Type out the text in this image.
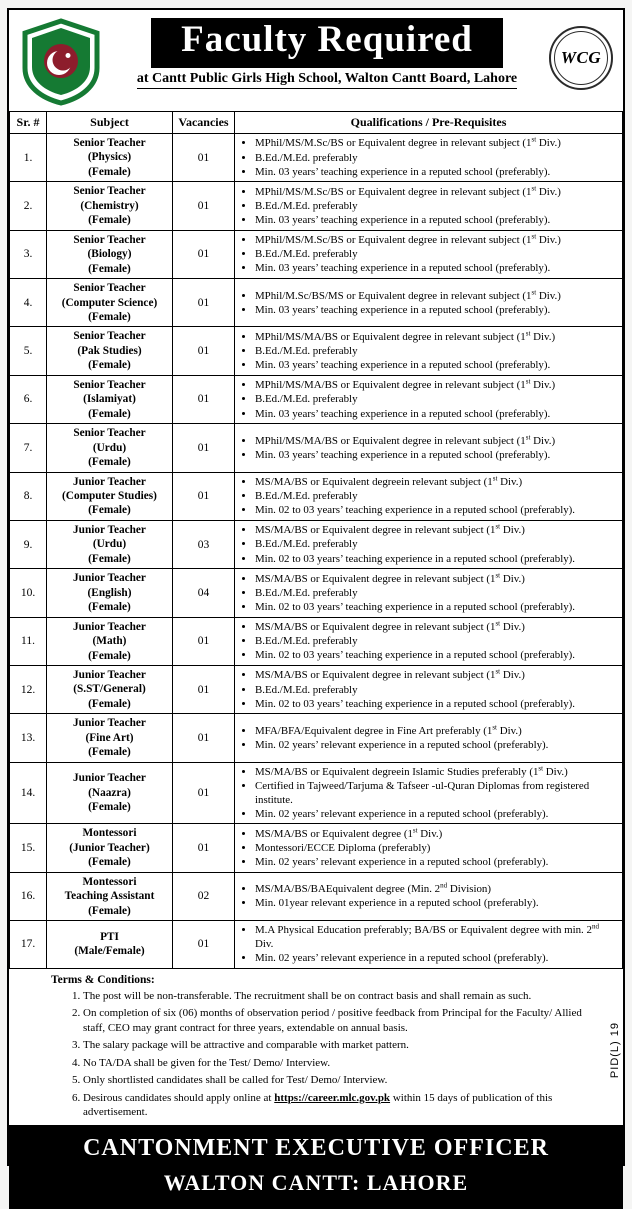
Faculty Required
at Cantt Public Girls High School, Walton Cantt Board, Lahore
WCG
Sr. #	Subject	Vacancies	Qualifications / Pre-Requisites
1.	Senior Teacher
(Physics)
(Female)	01	
• MPhil/MS/M.Sc/BS or Equivalent degree in relevant subject (1st Div.)
• B.Ed./M.Ed. preferably
• Min. 03 years’ teaching experience in a reputed school (preferably).

2.	Senior Teacher
(Chemistry)
(Female)	01	
• MPhil/MS/M.Sc/BS or Equivalent degree in relevant subject (1st Div.)
• B.Ed./M.Ed. preferably
• Min. 03 years’ teaching experience in a reputed school (preferably).

3.	Senior Teacher
(Biology)
(Female)	01	
• MPhil/MS/M.Sc/BS or Equivalent degree in relevant subject (1st Div.)
• B.Ed./M.Ed. preferably
• Min. 03 years’ teaching experience in a reputed school (preferably).

4.	Senior Teacher
(Computer Science)
(Female)	01	
• MPhil/M.Sc/BS/MS or Equivalent degree in relevant subject (1st Div.)
• Min. 03 years’ teaching experience in a reputed school (preferably).

5.	Senior Teacher
(Pak Studies)
(Female)	01	
• MPhil/MS/MA/BS or Equivalent degree in relevant subject (1st Div.)
• B.Ed./M.Ed. preferably
• Min. 03 years’ teaching experience in a reputed school (preferably).

6.	Senior Teacher
(Islamiyat)
(Female)	01	
• MPhil/MS/MA/BS or Equivalent degree in relevant subject (1st Div.)
• B.Ed./M.Ed. preferably
• Min. 03 years’ teaching experience in a reputed school (preferably).

7.	Senior Teacher
(Urdu)
(Female)	01	
• MPhil/MS/MA/BS or Equivalent degree in relevant subject (1st Div.)
• Min. 03 years’ teaching experience in a reputed school (preferably).

8.	Junior Teacher
(Computer Studies)
(Female)	01	
• MS/MA/BS or Equivalent degreein relevant subject (1st Div.)
• B.Ed./M.Ed. preferably
• Min. 02 to 03 years’ teaching experience in a reputed school (preferably).

9.	Junior Teacher
(Urdu)
(Female)	03	
• MS/MA/BS or Equivalent degree in relevant subject (1st Div.)
• B.Ed./M.Ed. preferably
• Min. 02 to 03 years’ teaching experience in a reputed school (preferably).

10.	Junior Teacher
(English)
(Female)	04	
• MS/MA/BS or Equivalent degree in relevant subject (1st Div.)
• B.Ed./M.Ed. preferably
• Min. 02 to 03 years’ teaching experience in a reputed school (preferably).

11.	Junior Teacher
(Math)
(Female)	01	
• MS/MA/BS or Equivalent degree in relevant subject (1st Div.)
• B.Ed./M.Ed. preferably
• Min. 02 to 03 years’ teaching experience in a reputed school (preferably).

12.	Junior Teacher
(S.ST/General)
(Female)	01	
• MS/MA/BS or Equivalent degree in relevant subject (1st Div.)
• B.Ed./M.Ed. preferably
• Min. 02 to 03 years’ teaching experience in a reputed school (preferably).

13.	Junior Teacher
(Fine Art)
(Female)	01	
• MFA/BFA/Equivalent degree in Fine Art preferably (1st Div.)
• Min. 02 years’ relevant experience in a reputed school (preferably).

14.	Junior Teacher
(Naazra)
(Female)	01	
• MS/MA/BS or Equivalent degreein Islamic Studies preferably (1st Div.)
• Certified in Tajweed/Tarjuma & Tafseer -ul-Quran Diplomas from registered institute.
• Min. 02 years’ relevant experience in a reputed school (preferably).

15.	Montessori
(Junior Teacher)
(Female)	01	
• MS/MA/BS or Equivalent degree (1st Div.)
• Montessori/ECCE Diploma (preferably)
• Min. 02 years’ relevant experience in a reputed school (preferably).

16.	Montessori
Teaching Assistant
(Female)	02	
• MS/MA/BS/BAEquivalent degree (Min. 2nd Division)
• Min. 01year relevant experience in a reputed school (preferably).

17.	PTI
(Male/Female)	01	
• M.A Physical Education preferably; BA/BS or Equivalent degree with min. 2nd Div.
• Min. 02 years’ relevant experience in a reputed school (preferably).
Terms & Conditions:
1. The post will be non-transferable. The recruitment shall be on contract basis and shall remain as such.
2. On completion of six (06) months of observation period / positive feedback from Principal for the Faculty/ Allied staff, CEO may grant contract for three years, extendable on annual basis.
3. The salary package will be attractive and comparable with market pattern.
4. No TA/DA shall be given for the Test/ Demo/ Interview.
5. Only shortlisted candidates shall be called for Test/ Demo/ Interview.
6. Desirous candidates should apply online at https://career.mlc.gov.pk within 15 days of publication of this advertisement.
PID(L) 19
CANTONMENT EXECUTIVE OFFICER
WALTON CANTT: LAHORE
